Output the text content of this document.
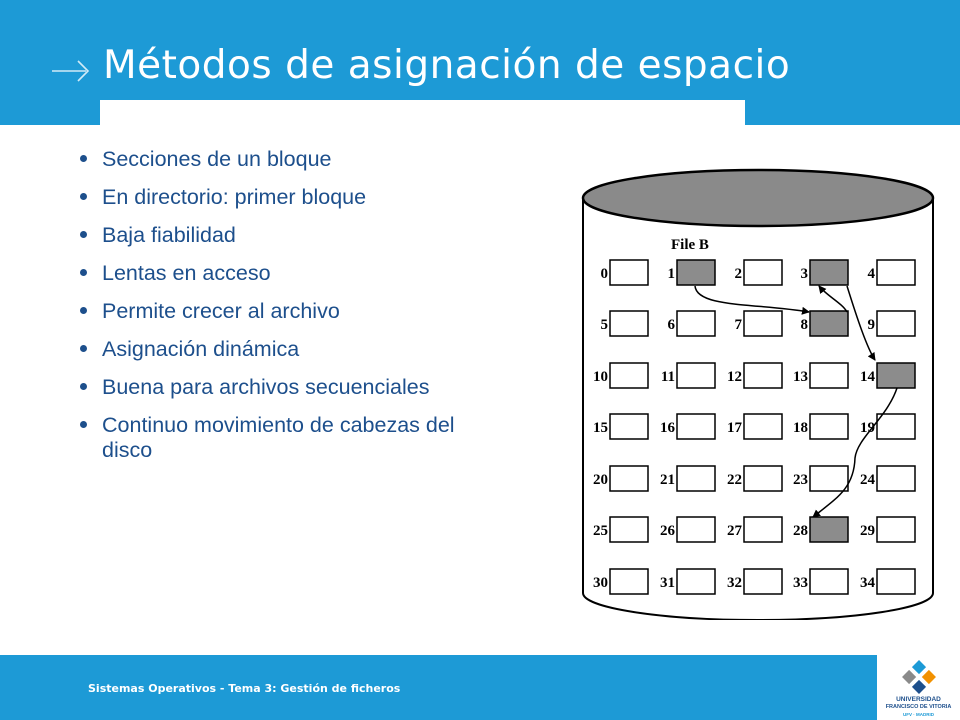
Métodos de asignación de espacio
Secciones de un bloque
En directorio: primer bloque
Baja fiabilidad
Lentas en acceso
Permite crecer al archivo
Asignación dinámica
Buena para archivos secuenciales
Continuo movimiento de cabezas del disco
File B
0	1	2	3	4
5	6	7	8	9
10	11	12	13	14
15	16	17	18	19
20	21	22	23	24
25	26	27	28	29
30	31	32	33	34
Sistemas Operativos - Tema 3: Gestión de ficheros
UNIVERSIDAD
FRANCISCO DE VITORIA
UFV · MADRID
